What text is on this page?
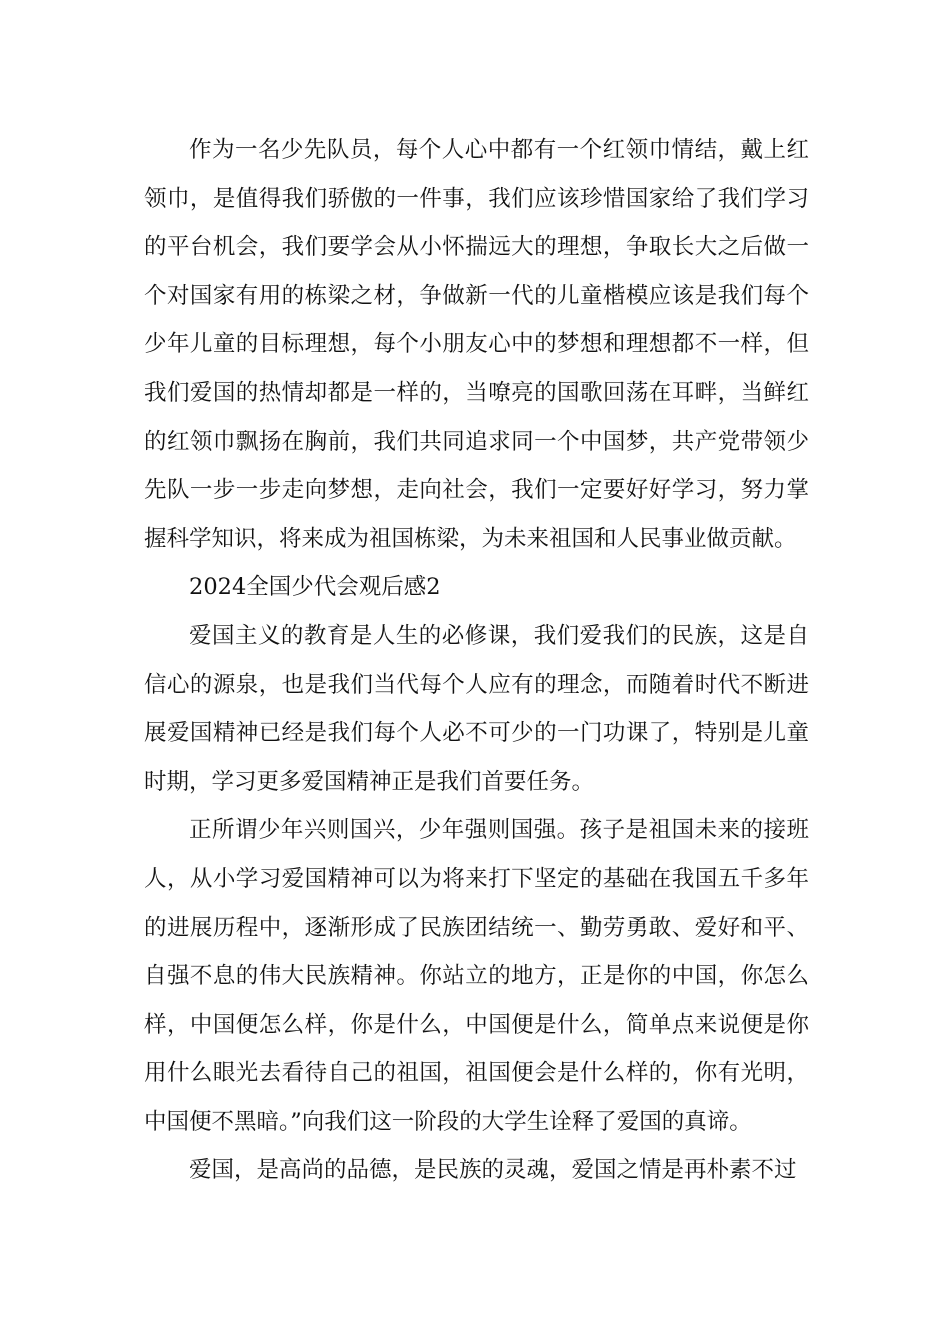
作为一名少先队员，每个人心中都有一个红领巾情结，戴上红领巾，是值得我们骄傲的一件事，我们应该珍惜国家给了我们学习的平台机会，我们要学会从小怀揣远大的理想，争取长大之后做一个对国家有用的栋梁之材，争做新一代的儿童楷模应该是我们每个少年儿童的目标理想，每个小朋友心中的梦想和理想都不一样，但我们爱国的热情却都是一样的，当嘹亮的国歌回荡在耳畔，当鲜红的红领巾飘扬在胸前，我们共同追求同一个中国梦，共产党带领少先队一步一步走向梦想，走向社会，我们一定要好好学习，努力掌握科学知识，将来成为祖国栋梁，为未来祖国和人民事业做贡献。

2024全国少代会观后感2

爱国主义的教育是人生的必修课，我们爱我们的民族，这是自信心的源泉，也是我们当代每个人应有的理念，而随着时代不断进展爱国精神已经是我们每个人必不可少的一门功课了，特别是儿童时期，学习更多爱国精神正是我们首要任务。

正所谓少年兴则国兴，少年强则国强。孩子是祖国未来的接班人，从小学习爱国精神可以为将来打下坚定的基础在我国五千多年的进展历程中，逐渐形成了民族团结统一、勤劳勇敢、爱好和平、自强不息的伟大民族精神。你站立的地方，正是你的中国，你怎么样，中国便怎么样，你是什么，中国便是什么，简单点来说便是你用什么眼光去看待自己的祖国，祖国便会是什么样的，你有光明，中国便不黑暗。”向我们这一阶段的大学生诠释了爱国的真谛。

爱国，是高尚的品德，是民族的灵魂，爱国之情是再朴素不过
